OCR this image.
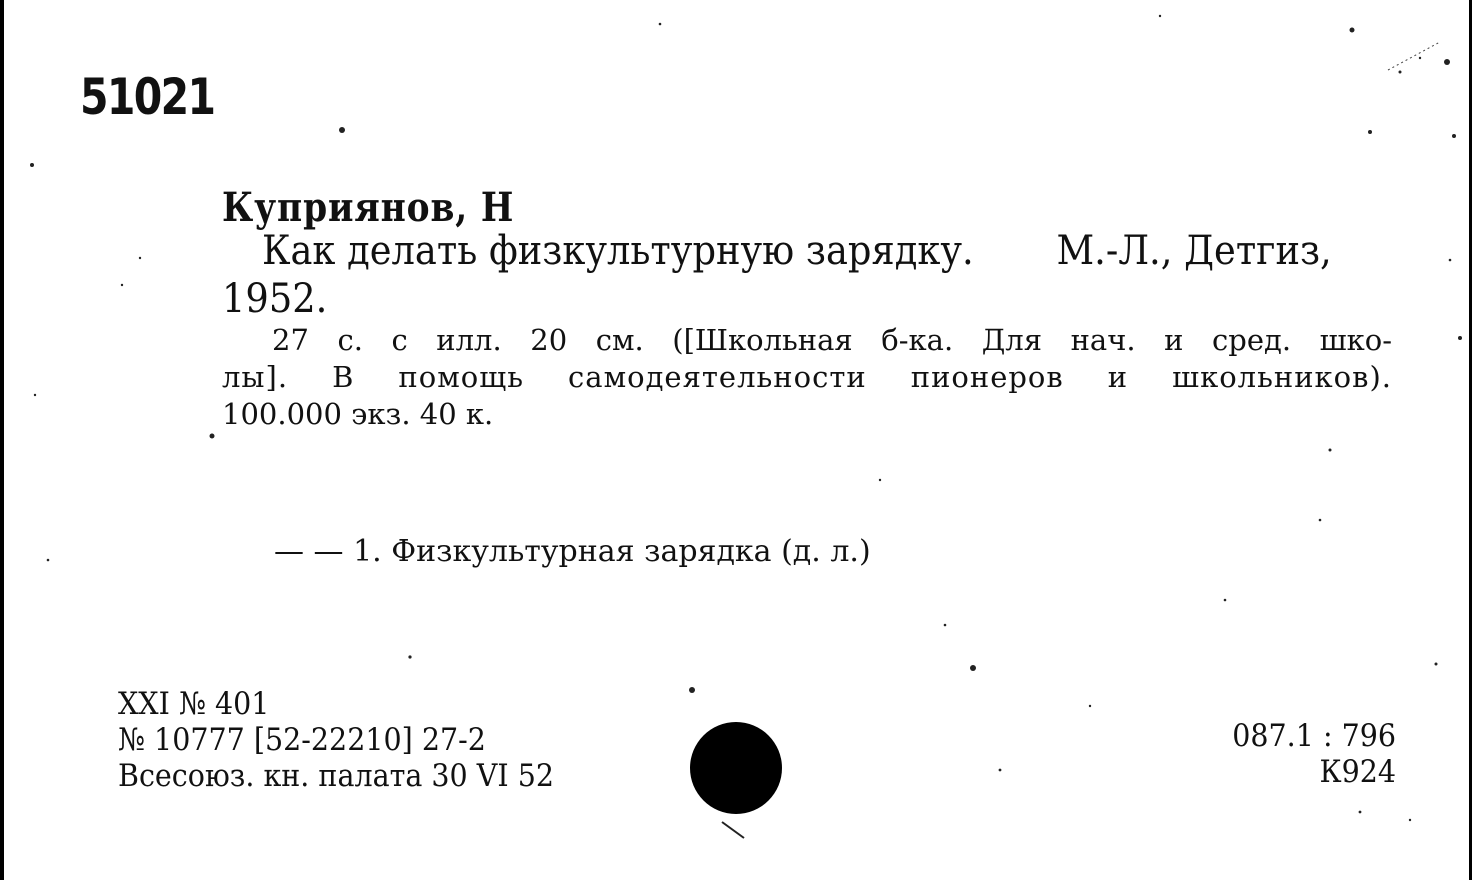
51021
Куприянов, Н
Как делать физкультурную зарядку. М.-Л., Детгиз,
1952.
27 с. с илл. 20 см. ([Школьная б-ка. Для нач. и сред. шко-
лы]. В помощь самодеятельности пионеров и школьников).
100.000 экз. 40 к.
— — 1. Физкультурная зарядка (д. л.)
XXI № 401
№ 10777 [52-22210] 27-2
Всесоюз. кн. палата 30 VI 52
087.1 : 796
К924
